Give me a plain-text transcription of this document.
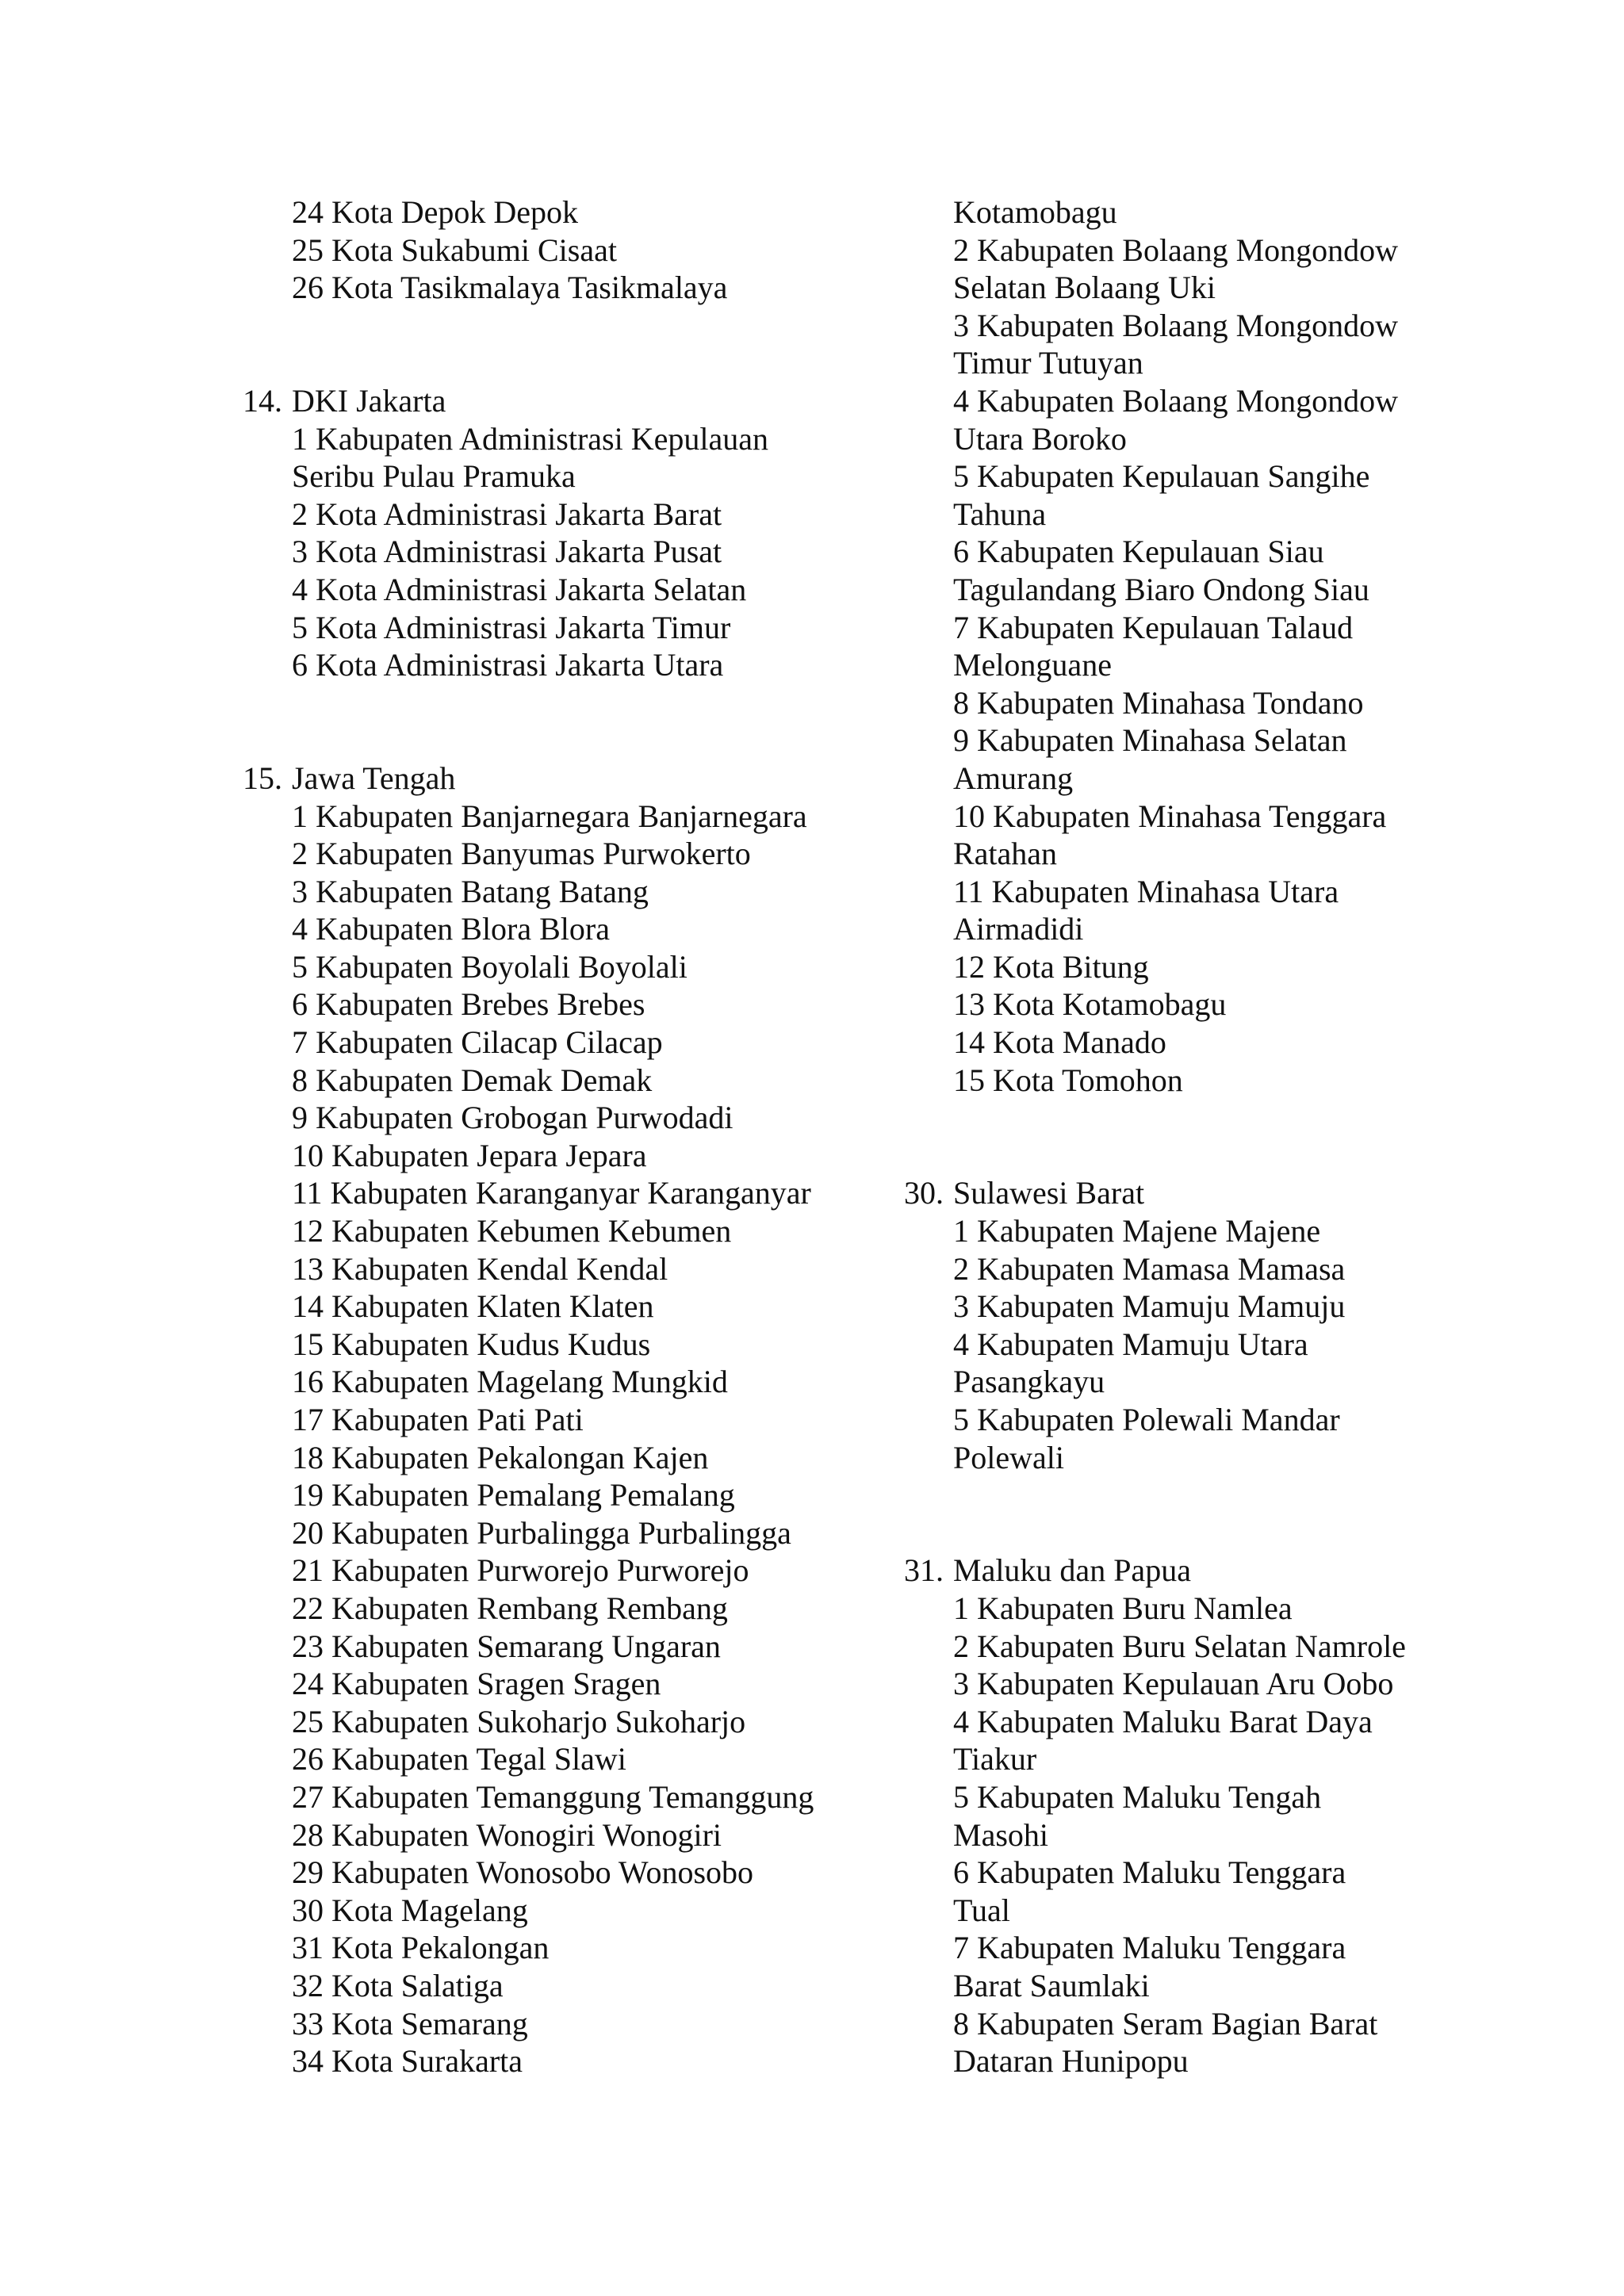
24 Kota Depok Depok
25 Kota Sukabumi Cisaat
26 Kota Tasikmalaya Tasikmalaya
14. DKI Jakarta
1 Kabupaten Administrasi Kepulauan
Seribu Pulau Pramuka
2 Kota Administrasi Jakarta Barat
3 Kota Administrasi Jakarta Pusat
4 Kota Administrasi Jakarta Selatan
5 Kota Administrasi Jakarta Timur
6 Kota Administrasi Jakarta Utara
15. Jawa Tengah
1 Kabupaten Banjarnegara Banjarnegara
2 Kabupaten Banyumas Purwokerto
3 Kabupaten Batang Batang
4 Kabupaten Blora Blora
5 Kabupaten Boyolali Boyolali
6 Kabupaten Brebes Brebes
7 Kabupaten Cilacap Cilacap
8 Kabupaten Demak Demak
9 Kabupaten Grobogan Purwodadi
10 Kabupaten Jepara Jepara
11 Kabupaten Karanganyar Karanganyar
12 Kabupaten Kebumen Kebumen
13 Kabupaten Kendal Kendal
14 Kabupaten Klaten Klaten
15 Kabupaten Kudus Kudus
16 Kabupaten Magelang Mungkid
17 Kabupaten Pati Pati
18 Kabupaten Pekalongan Kajen
19 Kabupaten Pemalang Pemalang
20 Kabupaten Purbalingga Purbalingga
21 Kabupaten Purworejo Purworejo
22 Kabupaten Rembang Rembang
23 Kabupaten Semarang Ungaran
24 Kabupaten Sragen Sragen
25 Kabupaten Sukoharjo Sukoharjo
26 Kabupaten Tegal Slawi
27 Kabupaten Temanggung Temanggung
28 Kabupaten Wonogiri Wonogiri
29 Kabupaten Wonosobo Wonosobo
30 Kota Magelang
31 Kota Pekalongan
32 Kota Salatiga
33 Kota Semarang
34 Kota Surakarta
Kotamobagu
2 Kabupaten Bolaang Mongondow
Selatan Bolaang Uki
3 Kabupaten Bolaang Mongondow
Timur Tutuyan
4 Kabupaten Bolaang Mongondow
Utara Boroko
5 Kabupaten Kepulauan Sangihe
Tahuna
6 Kabupaten Kepulauan Siau
Tagulandang Biaro Ondong Siau
7 Kabupaten Kepulauan Talaud
Melonguane
8 Kabupaten Minahasa Tondano
9 Kabupaten Minahasa Selatan
Amurang
10 Kabupaten Minahasa Tenggara
Ratahan
11 Kabupaten Minahasa Utara
Airmadidi
12 Kota Bitung
13 Kota Kotamobagu
14 Kota Manado
15 Kota Tomohon
30. Sulawesi Barat
1 Kabupaten Majene Majene
2 Kabupaten Mamasa Mamasa
3 Kabupaten Mamuju Mamuju
4 Kabupaten Mamuju Utara
Pasangkayu
5 Kabupaten Polewali Mandar
Polewali
31. Maluku dan Papua
1 Kabupaten Buru Namlea
2 Kabupaten Buru Selatan Namrole
3 Kabupaten Kepulauan Aru Oobo
4 Kabupaten Maluku Barat Daya
Tiakur
5 Kabupaten Maluku Tengah
Masohi
6 Kabupaten Maluku Tenggara
Tual
7 Kabupaten Maluku Tenggara
Barat Saumlaki
8 Kabupaten Seram Bagian Barat
Dataran Hunipopu
